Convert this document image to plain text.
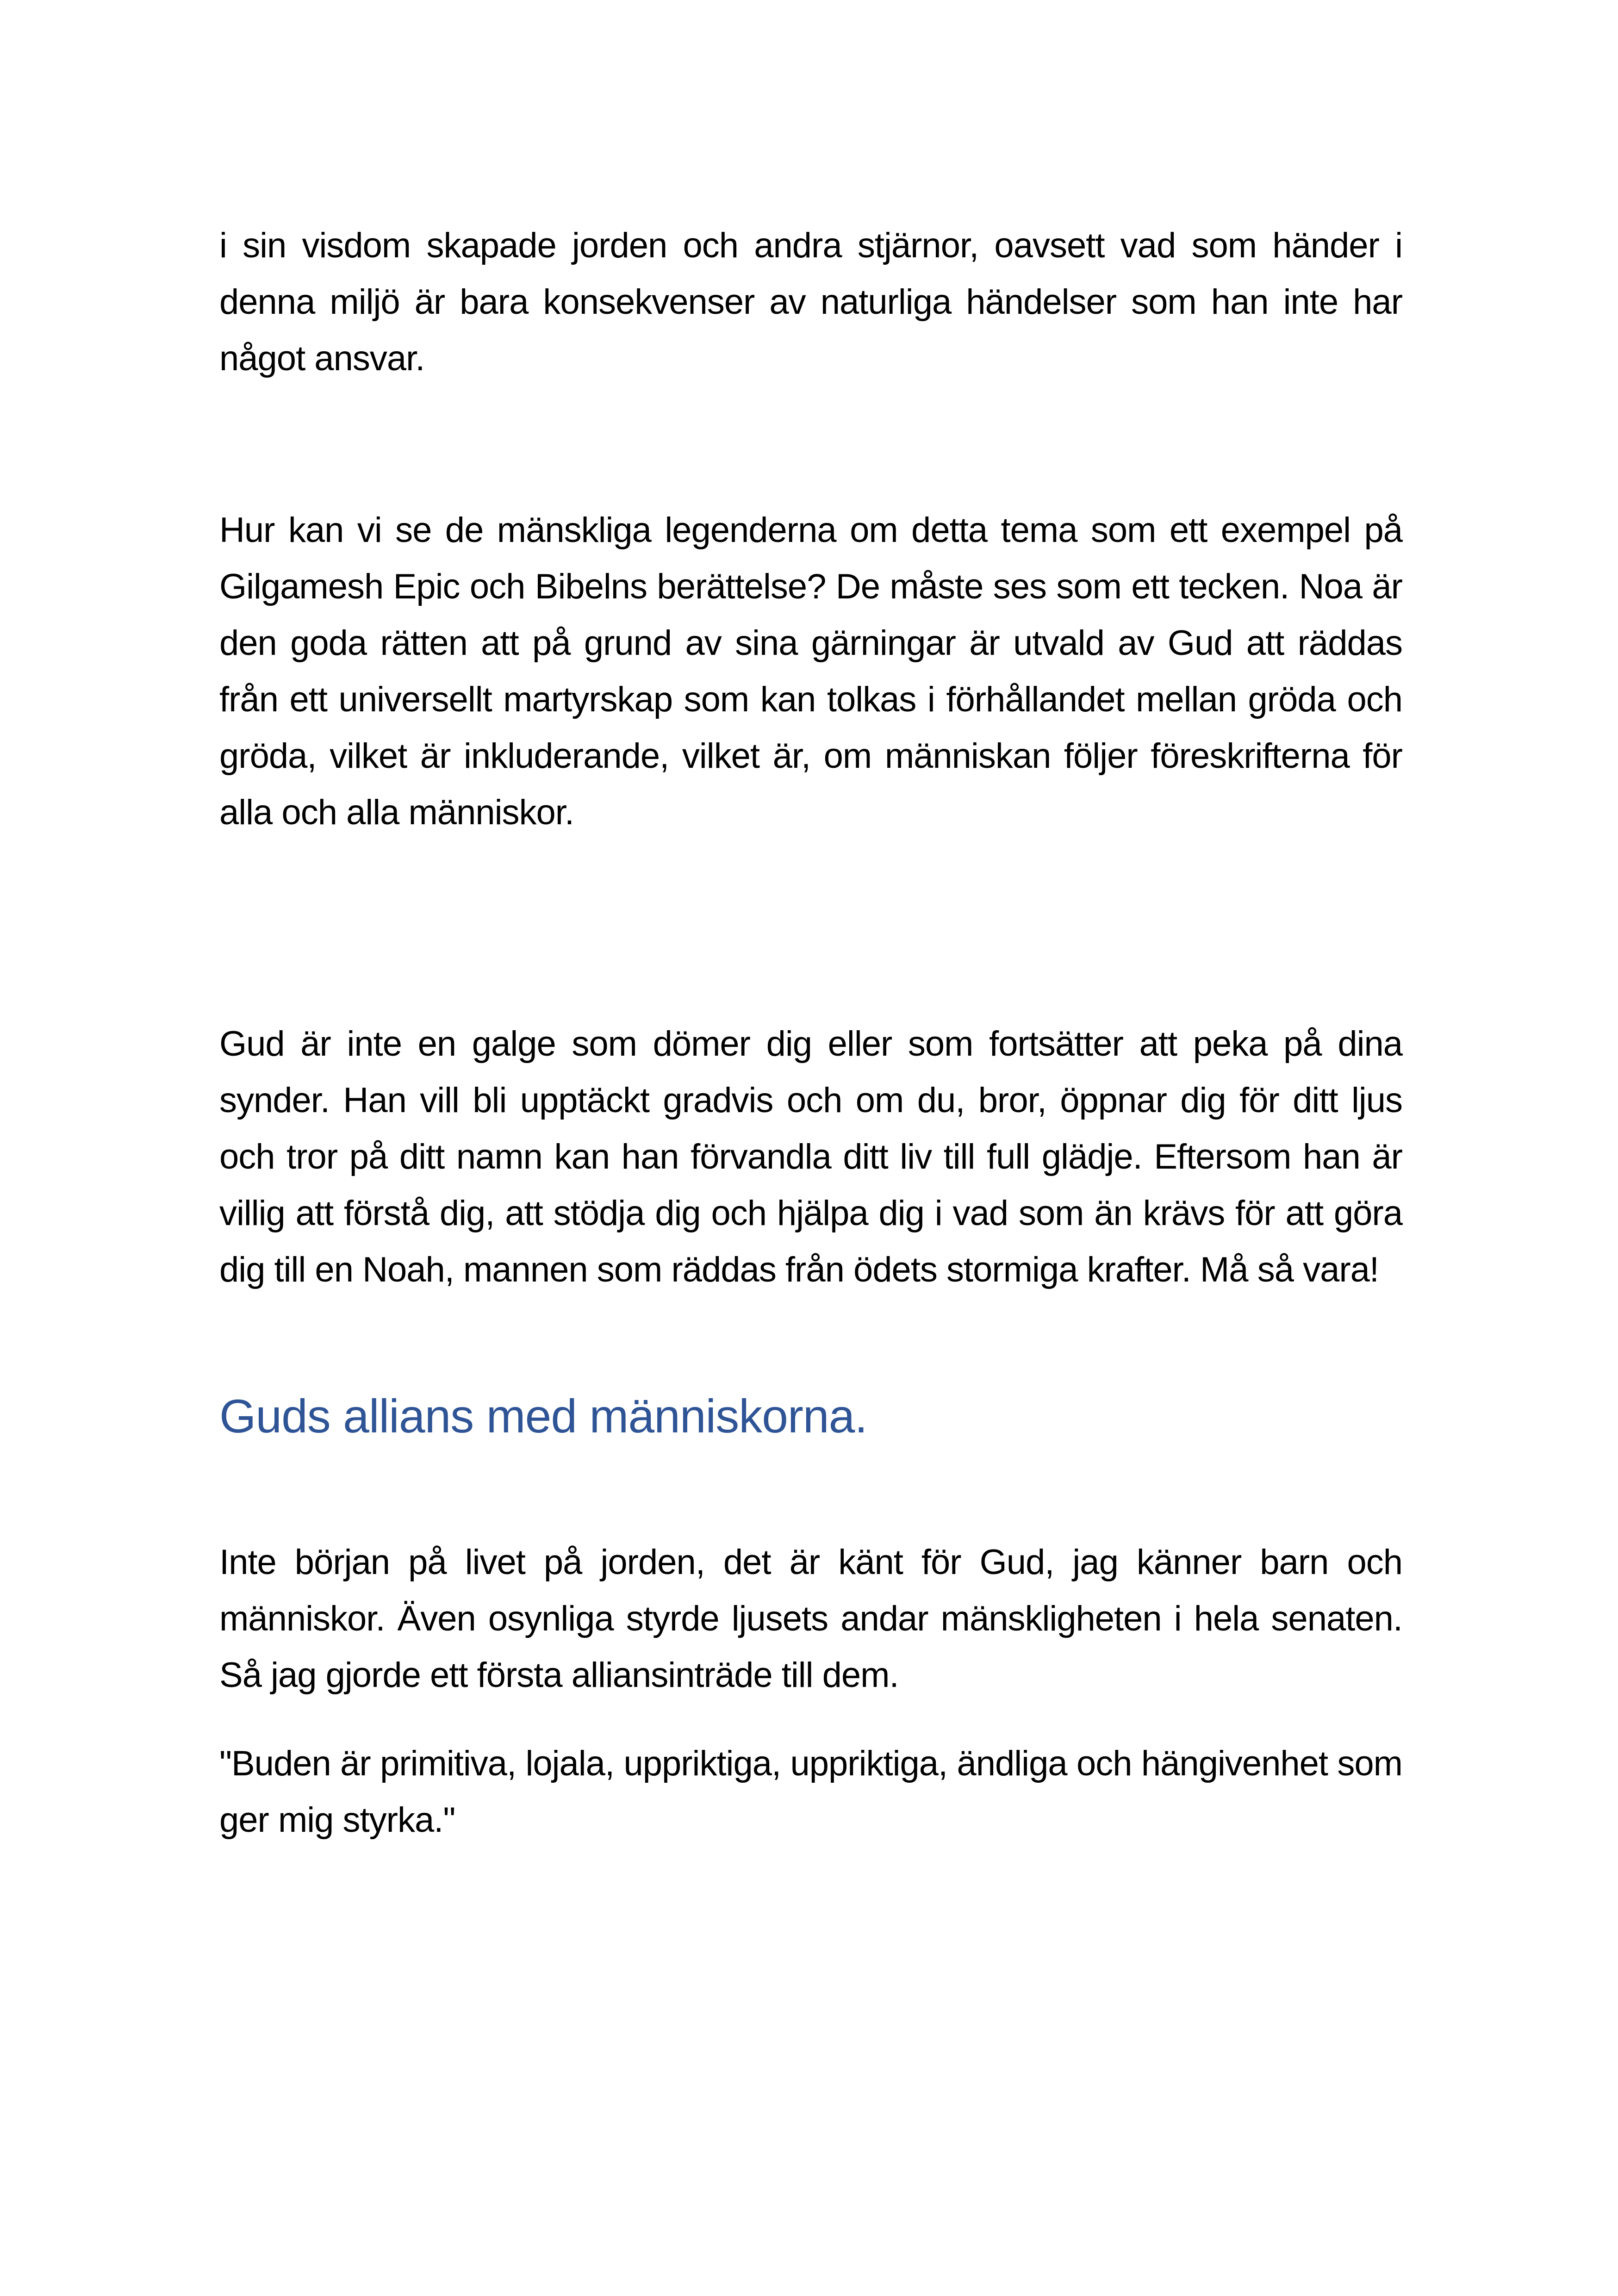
i sin visdom skapade jorden och andra stjärnor, oavsett vad som händer i denna miljö är bara konsekvenser av naturliga händelser som han inte har något ansvar.

Hur kan vi se de mänskliga legenderna om detta tema som ett exempel på Gilgamesh Epic och Bibelns berättelse? De måste ses som ett tecken. Noa är den goda rätten att på grund av sina gärningar är utvald av Gud att räddas från ett universellt martyrskap som kan tolkas i förhållandet mellan gröda och gröda, vilket är inkluderande, vilket är, om människan följer föreskrifterna för alla och alla människor.

Gud är inte en galge som dömer dig eller som fortsätter att peka på dina synder. Han vill bli upptäckt gradvis och om du, bror, öppnar dig för ditt ljus och tror på ditt namn kan han förvandla ditt liv till full glädje. Eftersom han är villig att förstå dig, att stödja dig och hjälpa dig i vad som än krävs för att göra dig till en Noah, mannen som räddas från ödets stormiga krafter. Må så vara!

Guds allians med människorna.

Inte början på livet på jorden, det är känt för Gud, jag känner barn och människor. Även osynliga styrde ljusets andar mänskligheten i hela senaten. Så jag gjorde ett första alliansinträde till dem.

"Buden är primitiva, lojala, uppriktiga, uppriktiga, ändliga och hängivenhet som ger mig styrka."
